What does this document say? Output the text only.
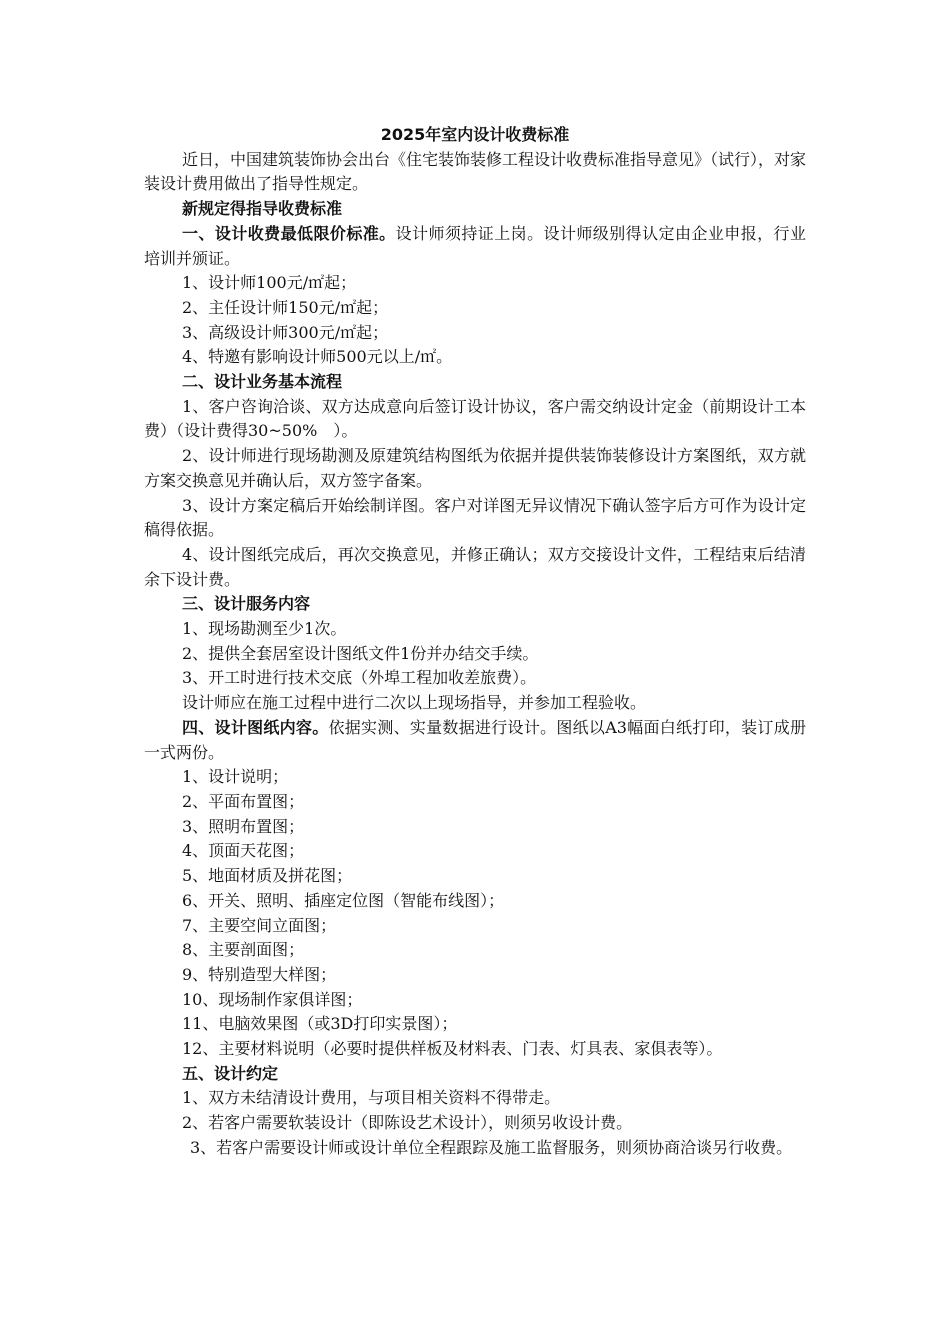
2025年室内设计收费标准
近日，中国建筑装饰协会出台《住宅装饰装修工程设计收费标准指导意见》（试行），对家装设计费用做出了指导性规定。
新规定得指导收费标准
一、设计收费最低限价标准。设计师须持证上岗。设计师级别得认定由企业申报，行业培训并颁证。
1、设计师100元/㎡起；
2、主任设计师150元/㎡起；
3、高级设计师300元/㎡起；
4、特邀有影响设计师500元以上/㎡。
二、设计业务基本流程
1、客户咨询洽谈、双方达成意向后签订设计协议，客户需交纳设计定金（前期设计工本费）（设计费得30~50%　）。
2、设计师进行现场勘测及原建筑结构图纸为依据并提供装饰装修设计方案图纸，双方就方案交换意见并确认后，双方签字备案。
3、设计方案定稿后开始绘制详图。客户对详图无异议情况下确认签字后方可作为设计定稿得依据。
4、设计图纸完成后，再次交换意见，并修正确认；双方交接设计文件，工程结束后结清余下设计费。
三、设计服务内容
1、现场勘测至少1次。
2、提供全套居室设计图纸文件1份并办结交手续。
3、开工时进行技术交底（外埠工程加收差旅费）。
设计师应在施工过程中进行二次以上现场指导，并参加工程验收。
四、设计图纸内容。依据实测、实量数据进行设计。图纸以A3幅面白纸打印，装订成册一式两份。
1、设计说明；
2、平面布置图；
3、照明布置图；
4、顶面天花图；
5、地面材质及拼花图；
6、开关、照明、插座定位图（智能布线图）；
7、主要空间立面图；
8、主要剖面图；
9、特别造型大样图；
10、现场制作家俱详图；
11、电脑效果图（或3D打印实景图）；
12、主要材料说明（必要时提供样板及材料表、门表、灯具表、家俱表等）。
五、设计约定
1、双方未结清设计费用，与项目相关资料不得带走。
2、若客户需要软装设计（即陈设艺术设计），则须另收设计费。
3、若客户需要设计师或设计单位全程跟踪及施工监督服务，则须协商洽谈另行收费。
